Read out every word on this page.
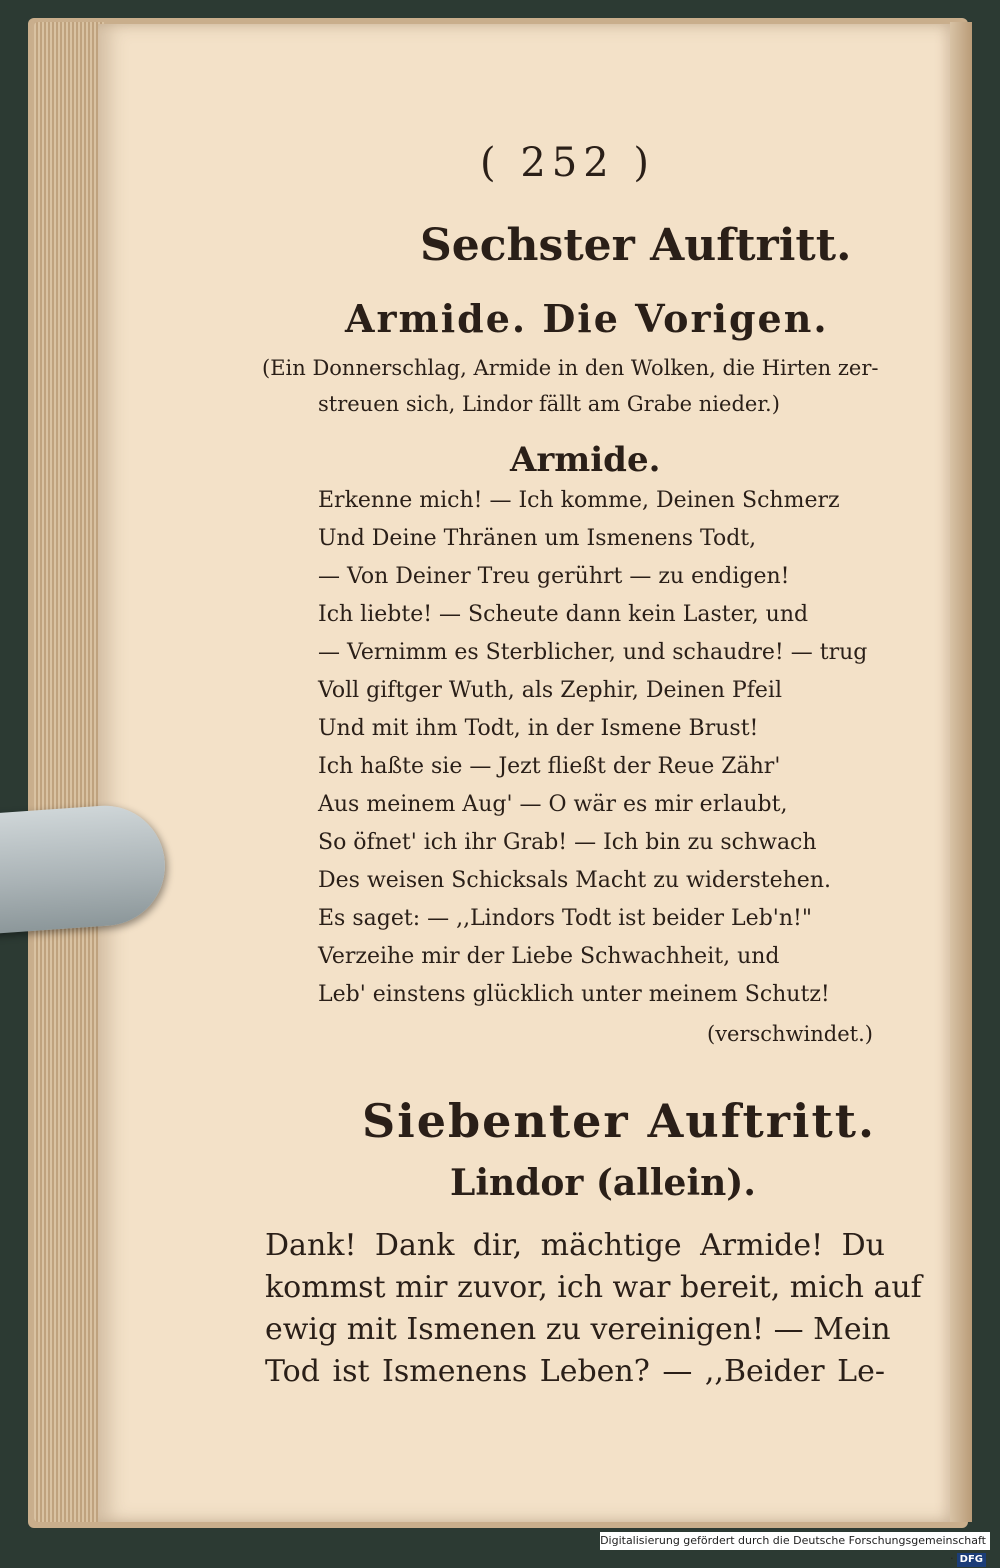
( 252 )
Sechster Auftritt.
Armide. Die Vorigen.
(Ein Donnerschlag, Armide in den Wolken, die Hirten zer-
streuen sich, Lindor fällt am Grabe nieder.)
Armide.
Erkenne mich! — Ich komme, Deinen Schmerz
Und Deine Thränen um Ismenens Todt,
— Von Deiner Treu gerührt — zu endigen!
Ich liebte! — Scheute dann kein Laster, und
— Vernimm es Sterblicher, und schaudre! — trug
Voll giftger Wuth, als Zephir, Deinen Pfeil
Und mit ihm Todt, in der Ismene Brust!
Ich haßte sie — Jezt fließt der Reue Zähr'
Aus meinem Aug' — O wär es mir erlaubt,
So öfnet' ich ihr Grab! — Ich bin zu schwach
Des weisen Schicksals Macht zu widerstehen.
Es saget: — ,,Lindors Todt ist beider Leb'n!"
Verzeihe mir der Liebe Schwachheit, und
Leb' einstens glücklich unter meinem Schutz!
(verschwindet.)
Siebenter Auftritt.
Lindor (allein).
Dank! Dank dir, mächtige Armide! Du
kommst mir zuvor, ich war bereit, mich auf
ewig mit Ismenen zu vereinigen! — Mein
Tod ist Ismenens Leben? — ,,Beider Le-
Digitalisierung gefördert durch die Deutsche Forschungsgemeinschaft · DFG
